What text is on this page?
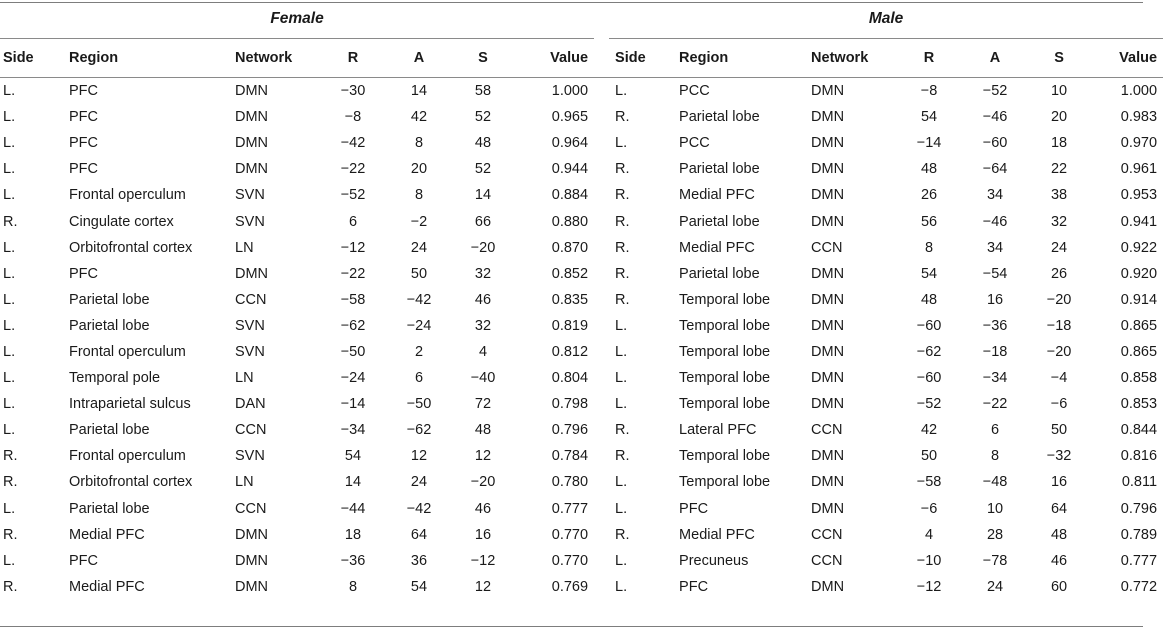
Female								Male						
Side	Region	Network	R	A	S	Value		Side	Region	Network	R	A	S	Value
L.	PFC	DMN	−30	14	58	1.000		L.	PCC	DMN	−8	−52	10	1.000
L.	PFC	DMN	−8	42	52	0.965		R.	Parietal lobe	DMN	54	−46	20	0.983
L.	PFC	DMN	−42	8	48	0.964		L.	PCC	DMN	−14	−60	18	0.970
L.	PFC	DMN	−22	20	52	0.944		R.	Parietal lobe	DMN	48	−64	22	0.961
L.	Frontal operculum	SVN	−52	8	14	0.884		R.	Medial PFC	DMN	26	34	38	0.953
R.	Cingulate cortex	SVN	6	−2	66	0.880		R.	Parietal lobe	DMN	56	−46	32	0.941
L.	Orbitofrontal cortex	LN	−12	24	−20	0.870		R.	Medial PFC	CCN	8	34	24	0.922
L.	PFC	DMN	−22	50	32	0.852		R.	Parietal lobe	DMN	54	−54	26	0.920
L.	Parietal lobe	CCN	−58	−42	46	0.835		R.	Temporal lobe	DMN	48	16	−20	0.914
L.	Parietal lobe	SVN	−62	−24	32	0.819		L.	Temporal lobe	DMN	−60	−36	−18	0.865
L.	Frontal operculum	SVN	−50	2	4	0.812		L.	Temporal lobe	DMN	−62	−18	−20	0.865
L.	Temporal pole	LN	−24	6	−40	0.804		L.	Temporal lobe	DMN	−60	−34	−4	0.858
L.	Intraparietal sulcus	DAN	−14	−50	72	0.798		L.	Temporal lobe	DMN	−52	−22	−6	0.853
L.	Parietal lobe	CCN	−34	−62	48	0.796		R.	Lateral PFC	CCN	42	6	50	0.844
R.	Frontal operculum	SVN	54	12	12	0.784		R.	Temporal lobe	DMN	50	8	−32	0.816
R.	Orbitofrontal cortex	LN	14	24	−20	0.780		L.	Temporal lobe	DMN	−58	−48	16	0.811
L.	Parietal lobe	CCN	−44	−42	46	0.777		L.	PFC	DMN	−6	10	64	0.796
R.	Medial PFC	DMN	18	64	16	0.770		R.	Medial PFC	CCN	4	28	48	0.789
L.	PFC	DMN	−36	36	−12	0.770		L.	Precuneus	CCN	−10	−78	46	0.777
R.	Medial PFC	DMN	8	54	12	0.769		L.	PFC	DMN	−12	24	60	0.772
